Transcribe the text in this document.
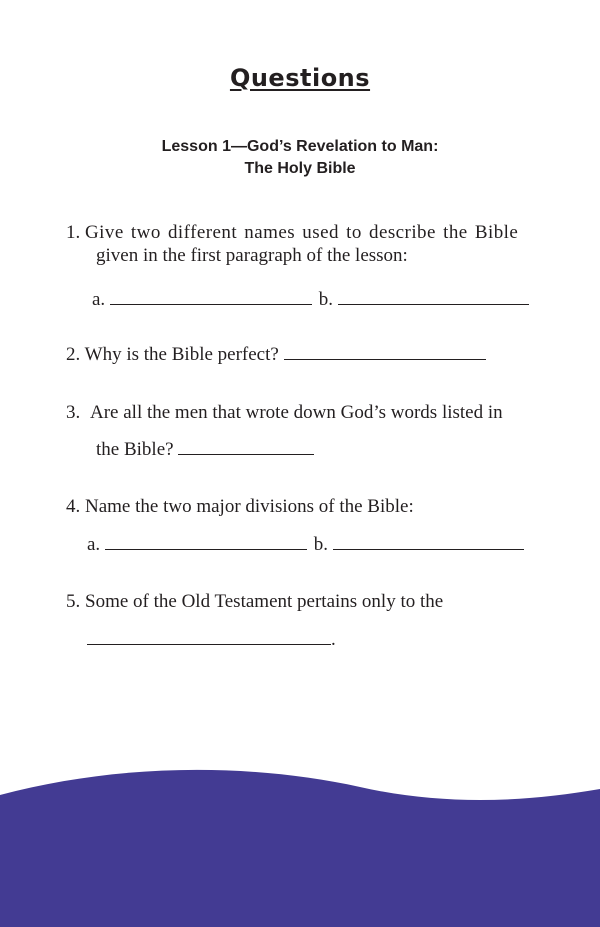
Questions
Lesson 1—God’s Revelation to Man:
The Holy Bible
1. Give two different names used to describe the Bible
given in the first paragraph of the lesson:
a.	b.
2. Why is the Bible perfect?
3. Are all the men that wrote down God’s words listed in
the Bible?
4. Name the two major divisions of the Bible:
a.	b.
5. Some of the Old Testament pertains only to the
.
